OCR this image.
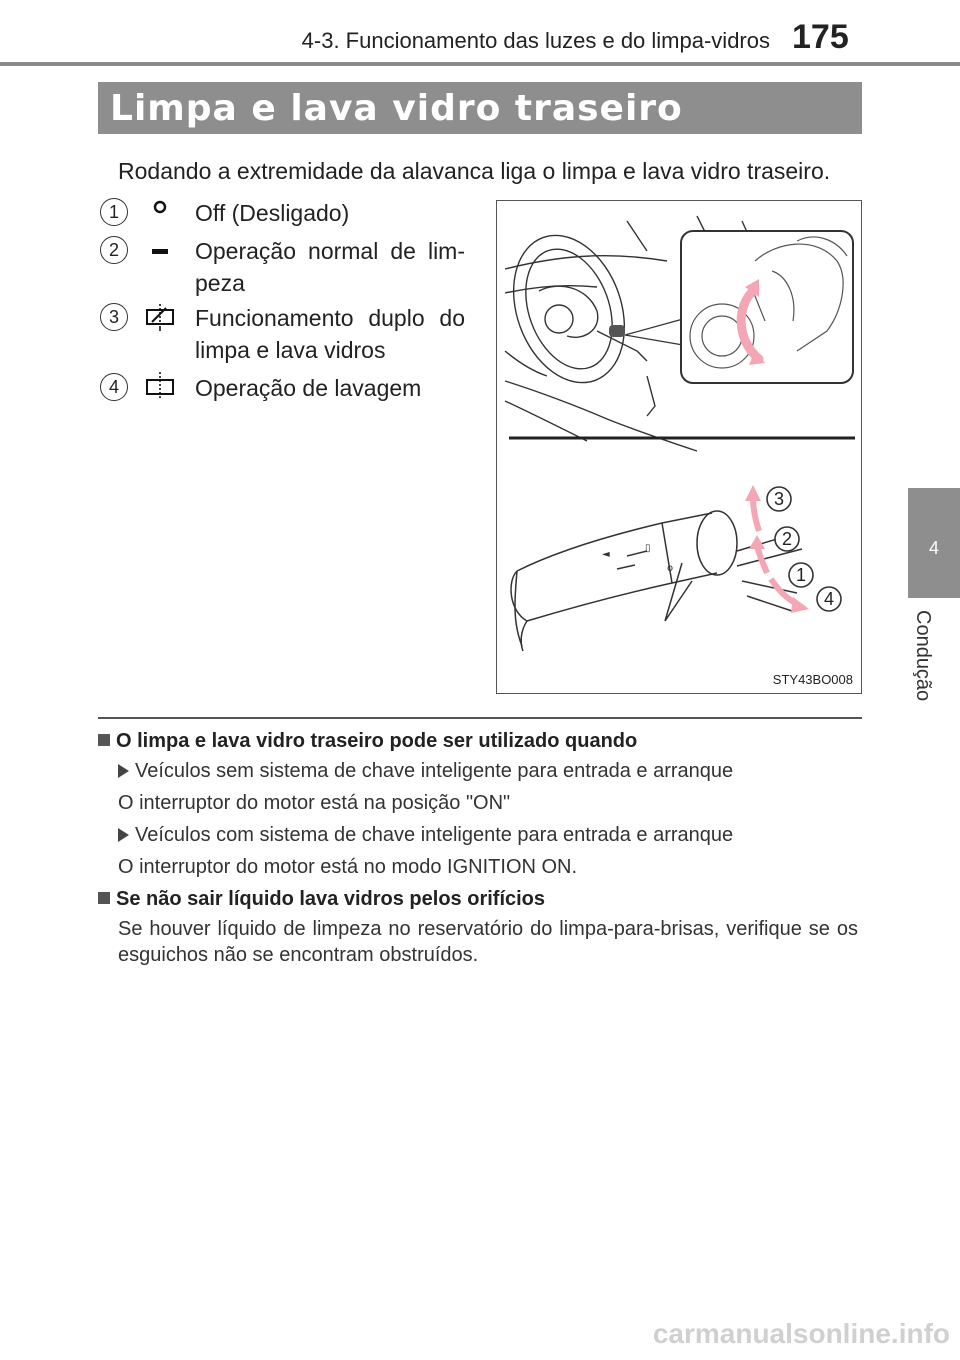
4-3. Funcionamento das luzes e do limpa-vidros 175
Limpa e lava vidro traseiro
Rodando a extremidade da alavanca liga o limpa e lava vidro traseiro.
1	Off (Desligado)
2	Operação normal de lim- peza
3	Funcionamento duplo do limpa e lava vidros
4	Operação de lavagem
◄
▯
o
3
2
1
4
STY43BO008
O limpa e lava vidro traseiro pode ser utilizado quando
Veículos sem sistema de chave inteligente para entrada e arranque
O interruptor do motor está na posição "ON"
Veículos com sistema de chave inteligente para entrada e arranque
O interruptor do motor está no modo IGNITION ON.
Se não sair líquido lava vidros pelos orifícios
Se houver líquido de limpeza no reservatório do limpa-para-brisas, verifique se os esguichos não se encontram obstruídos.
4
Condução
carmanualsonline.info
